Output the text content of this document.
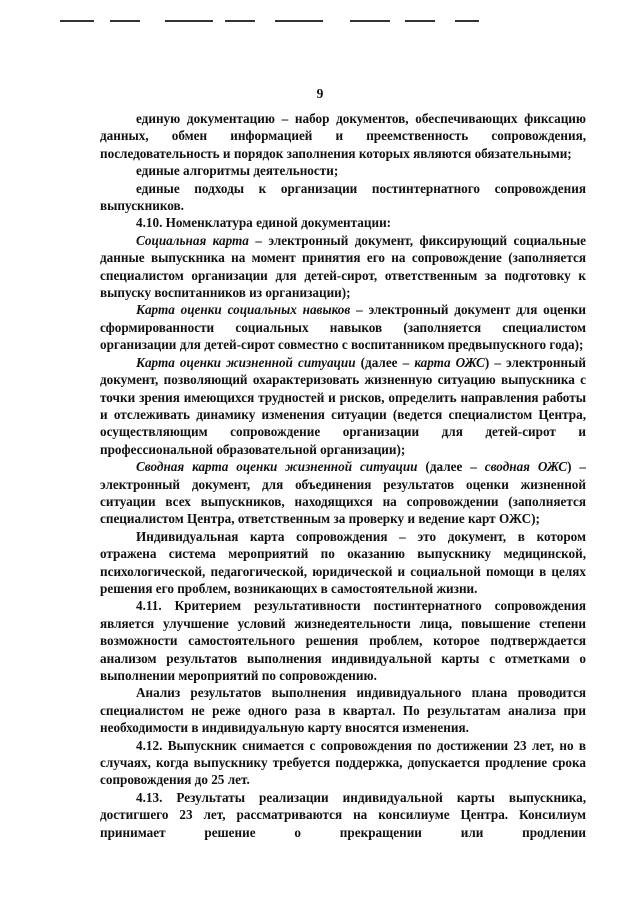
9

единую документацию – набор документов, обеспечивающих фиксацию данных, обмен информацией и преемственность сопровождения, последовательность и порядок заполнения которых являются обязательными;

единые алгоритмы деятельности;

единые подходы к организации постинтернатного сопровождения выпускников.

4.10. Номенклатура единой документации:

Социальная карта – электронный документ, фиксирующий социальные данные выпускника на момент принятия его на сопровождение (заполняется специалистом организации для детей-сирот, ответственным за подготовку к выпуску воспитанников из организации);

Карта оценки социальных навыков – электронный документ для оценки сформированности социальных навыков (заполняется специалистом организации для детей-сирот совместно с воспитанником предвыпускного года);

Карта оценки жизненной ситуации (далее – карта ОЖС) – электронный документ, позволяющий охарактеризовать жизненную ситуацию выпускника с точки зрения имеющихся трудностей и рисков, определить направления работы и отслеживать динамику изменения ситуации (ведется специалистом Центра, осуществляющим сопровождение организации для детей-сирот и профессиональной образовательной организации);

Сводная карта оценки жизненной ситуации (далее – сводная ОЖС) – электронный документ, для объединения результатов оценки жизненной ситуации всех выпускников, находящихся на сопровождении (заполняется специалистом Центра, ответственным за проверку и ведение карт ОЖС);

Индивидуальная карта сопровождения – это документ, в котором отражена система мероприятий по оказанию выпускнику медицинской, психологической, педагогической, юридической и социальной помощи в целях решения его проблем, возникающих в самостоятельной жизни.

4.11. Критерием результативности постинтернатного сопровождения является улучшение условий жизнедеятельности лица, повышение степени возможности самостоятельного решения проблем, которое подтверждается анализом результатов выполнения индивидуальной карты с отметками о выполнении мероприятий по сопровождению.

Анализ результатов выполнения индивидуального плана проводится специалистом не реже одного раза в квартал. По результатам анализа при необходимости в индивидуальную карту вносятся изменения.

4.12. Выпускник снимается с сопровождения по достижении 23 лет, но в случаях, когда выпускнику требуется поддержка, допускается продление срока сопровождения до 25 лет.

4.13. Результаты реализации индивидуальной карты выпускника, достигшего 23 лет, рассматриваются на консилиуме Центра. Консилиум принимает решение о прекращении или продлении
